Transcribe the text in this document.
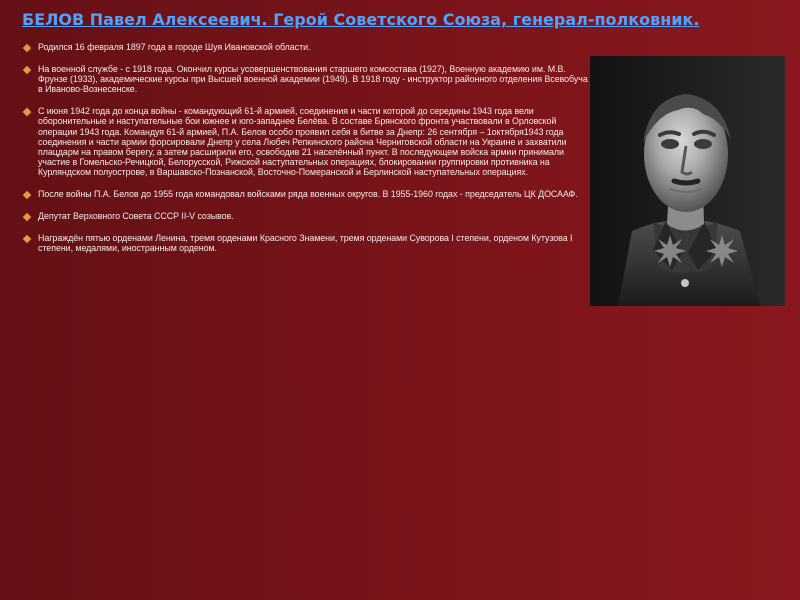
БЕЛОВ Павел Алексеевич. Герой Советского Союза, генерал-полковник.
Родился 16 февраля 1897 года в городе Шуя Ивановской области.
На военной службе - с 1918 года. Окончил курсы усовершенствования старшего комсостава (1927), Военную академию им. М.В. Фрунзе (1933), академические курсы при Высшей военной академии (1949). В 1918 году - инструктор районного отделения Всевобуча в Иваново-Вознесенске.
С июня 1942 года до конца войны - командующий 61-й армией, соединения и части которой до середины 1943 года вели оборонительные и наступательные бои южнее и юго-западнее Белёва. В составе Брянского фронта участвовали в Орловской операции 1943 года. Командуя 61-й армией, П.А. Белов особо проявил себя в битве за Днепр: 26 сентября – 1октября1943 года соединения и части армии форсировали Днепр у села Любеч Репкинского района Черниговской области на Украине и захватили плацдарм на правом берегу, а затем расширили его, освободив 21 населённый пункт. В последующем войска армии принимали участие в Гомельско-Речицкой, Белорусской, Рижской наступательных операциях, блокировании группировки противника на Курляндском полуострове, в Варшавско-Познанской, Восточно-Померанской и Берлинской наступательных операциях.
После войны П.А. Белов до 1955 года командовал войсками ряда военных округов. В 1955-1960 годах - председатель ЦК ДОСААФ.
Депутат Верховного Совета СССР II-V созывов.
Награждён пятью орденами Ленина, тремя орденами Красного Знамени, тремя орденами Суворова I степени, орденом Кутузова I степени, медалями, иностранным орденом.
